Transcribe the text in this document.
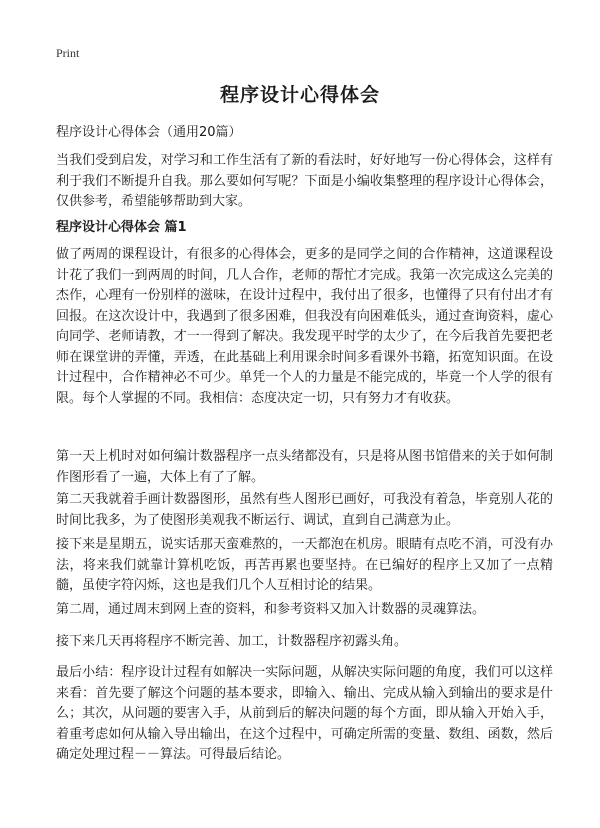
Print
程序设计心得体会
程序设计心得体会（通用20篇）
当我们受到启发，对学习和工作生活有了新的看法时，好好地写一份心得体会，这样有利于我们不断提升自我。那么要如何写呢？下面是小编收集整理的程序设计心得体会，仅供参考，希望能够帮助到大家。
程序设计心得体会 篇1
做了两周的课程设计，有很多的心得体会，更多的是同学之间的合作精神，这道课程设计花了我们一到两周的时间，几人合作，老师的帮忙才完成。我第一次完成这么完美的杰作，心理有一份别样的滋味，在设计过程中，我付出了很多，也懂得了只有付出才有回报。在这次设计中，我遇到了很多困难，但我没有向困难低头，通过查询资料，虚心向同学、老师请教，才一一得到了解决。我发现平时学的太少了，在今后我首先要把老师在课堂讲的弄懂，弄透，在此基础上利用课余时间多看课外书籍，拓宽知识面。在设计过程中，合作精神必不可少。单凭一个人的力量是不能完成的，毕竟一个人学的很有限。每个人掌握的不同。我相信：态度决定一切，只有努力才有收获。
第一天上机时对如何编计数器程序一点头绪都没有，只是将从图书馆借来的关于如何制作图形看了一遍，大体上有了了解。
第二天我就着手画计数器图形，虽然有些人图形已画好，可我没有着急，毕竟别人花的时间比我多，为了使图形美观我不断运行、调试，直到自己满意为止。
接下来是星期五，说实话那天蛮难熬的，一天都泡在机房。眼睛有点吃不消，可没有办法，将来我们就靠计算机吃饭，再苦再累也要坚持。在已编好的程序上又加了一点精髓，虽使字符闪烁，这也是我们几个人互相讨论的结果。
第二周，通过周末到网上查的资料，和参考资料又加入计数器的灵魂算法。
接下来几天再将程序不断完善、加工，计数器程序初露头角。
最后小结：程序设计过程有如解决一实际问题，从解决实际问题的角度，我们可以这样来看：首先要了解这个问题的基本要求，即输入、输出、完成从输入到输出的要求是什么；其次，从问题的要害入手，从前到后的解决问题的每个方面，即从输入开始入手，着重考虑如何从输入导出输出，在这个过程中，可确定所需的变量、数组、函数，然后确定处理过程－－算法。可得最后结论。
